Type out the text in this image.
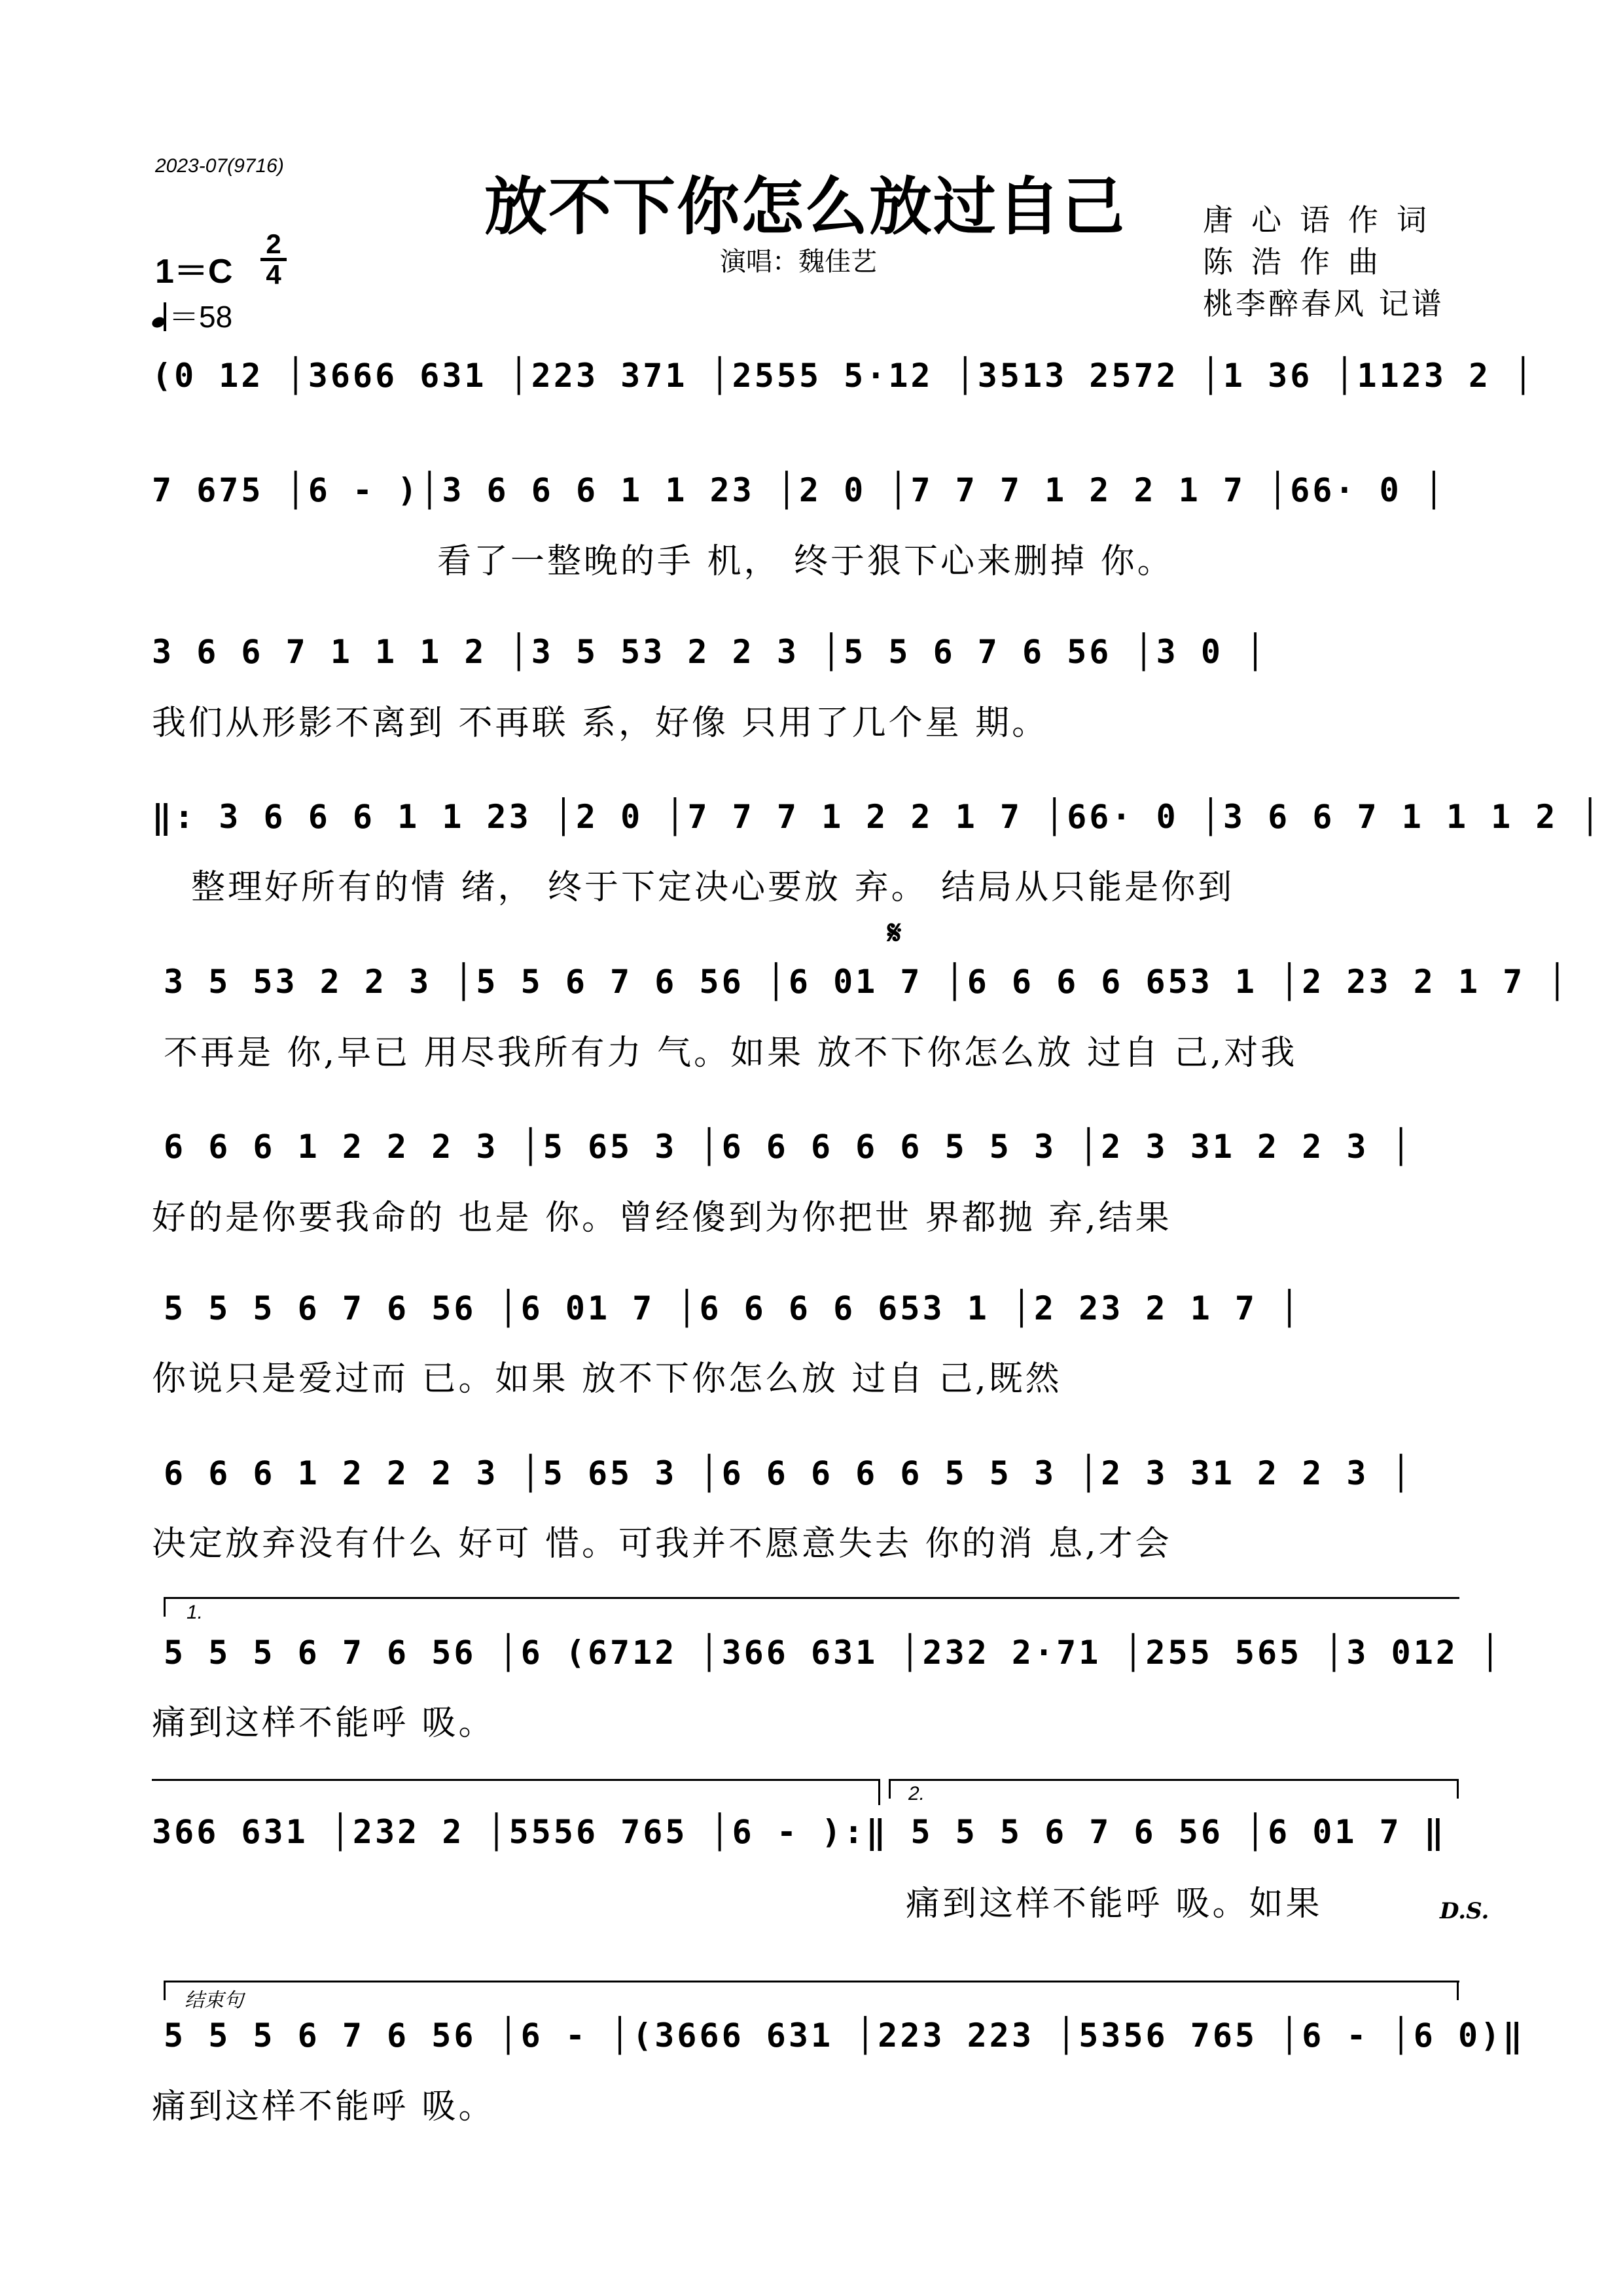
2023-07(9716)
放不下你怎么放过自己
演唱：魏佳艺
唐心语作词
陈浩作曲
桃李醉春风 记谱
1＝C
2
4
＝58
(0 12 │3666 631 │223 371 │2555 5·12 │3513 2572 │1 36 │1123 2 │
7 675 │6 - )│3 6 6 6 1 1 23 │2 0 │7 7 7 1 2 2 1 7 │66· 0 │
看了一整晚的手 机， 终于狠下心来删掉 你。
3 6 6 7 1 1 1 2 │3 5 53 2 2 3 │5 5 6 7 6 56 │3 0 │
我们从形影不离到 不再联 系，好像 只用了几个星 期。
‖: 3 6 6 6 1 1 23 │2 0 │7 7 7 1 2 2 1 7 │66· 0 │3 6 6 7 1 1 1 2 │
整理好所有的情 绪， 终于下定决心要放 弃。 结局从只能是你到
𝄋
3 5 53 2 2 3 │5 5 6 7 6 56 │6 01 7 │6 6 6 6 653 1 │2 23 2 1 7 │
不再是 你,早已 用尽我所有力 气。如果 放不下你怎么放 过自 己,对我
6 6 6 1 2 2 2 3 │5 65 3 │6 6 6 6 6 5 5 3 │2 3 31 2 2 3 │
好的是你要我命的 也是 你。曾经傻到为你把世 界都抛 弃,结果
5 5 5 6 7 6 56 │6 01 7 │6 6 6 6 653 1 │2 23 2 1 7 │
你说只是爱过而 已。如果 放不下你怎么放 过自 己,既然
6 6 6 1 2 2 2 3 │5 65 3 │6 6 6 6 6 5 5 3 │2 3 31 2 2 3 │
决定放弃没有什么 好可 惜。可我并不愿意失去 你的消 息,才会
1.
5 5 5 6 7 6 56 │6 (6712 │366 631 │232 2·71 │255 565 │3 012 │
痛到这样不能呼 吸。
2.
366 631 │232 2 │5556 765 │6 - ):‖ 5 5 5 6 7 6 56 │6 01 7 ‖
痛到这样不能呼 吸。如果	D.S.
结束句
5 5 5 6 7 6 56 │6 - │(3666 631 │223 223 │5356 765 │6 - │6 0)‖
痛到这样不能呼 吸。
